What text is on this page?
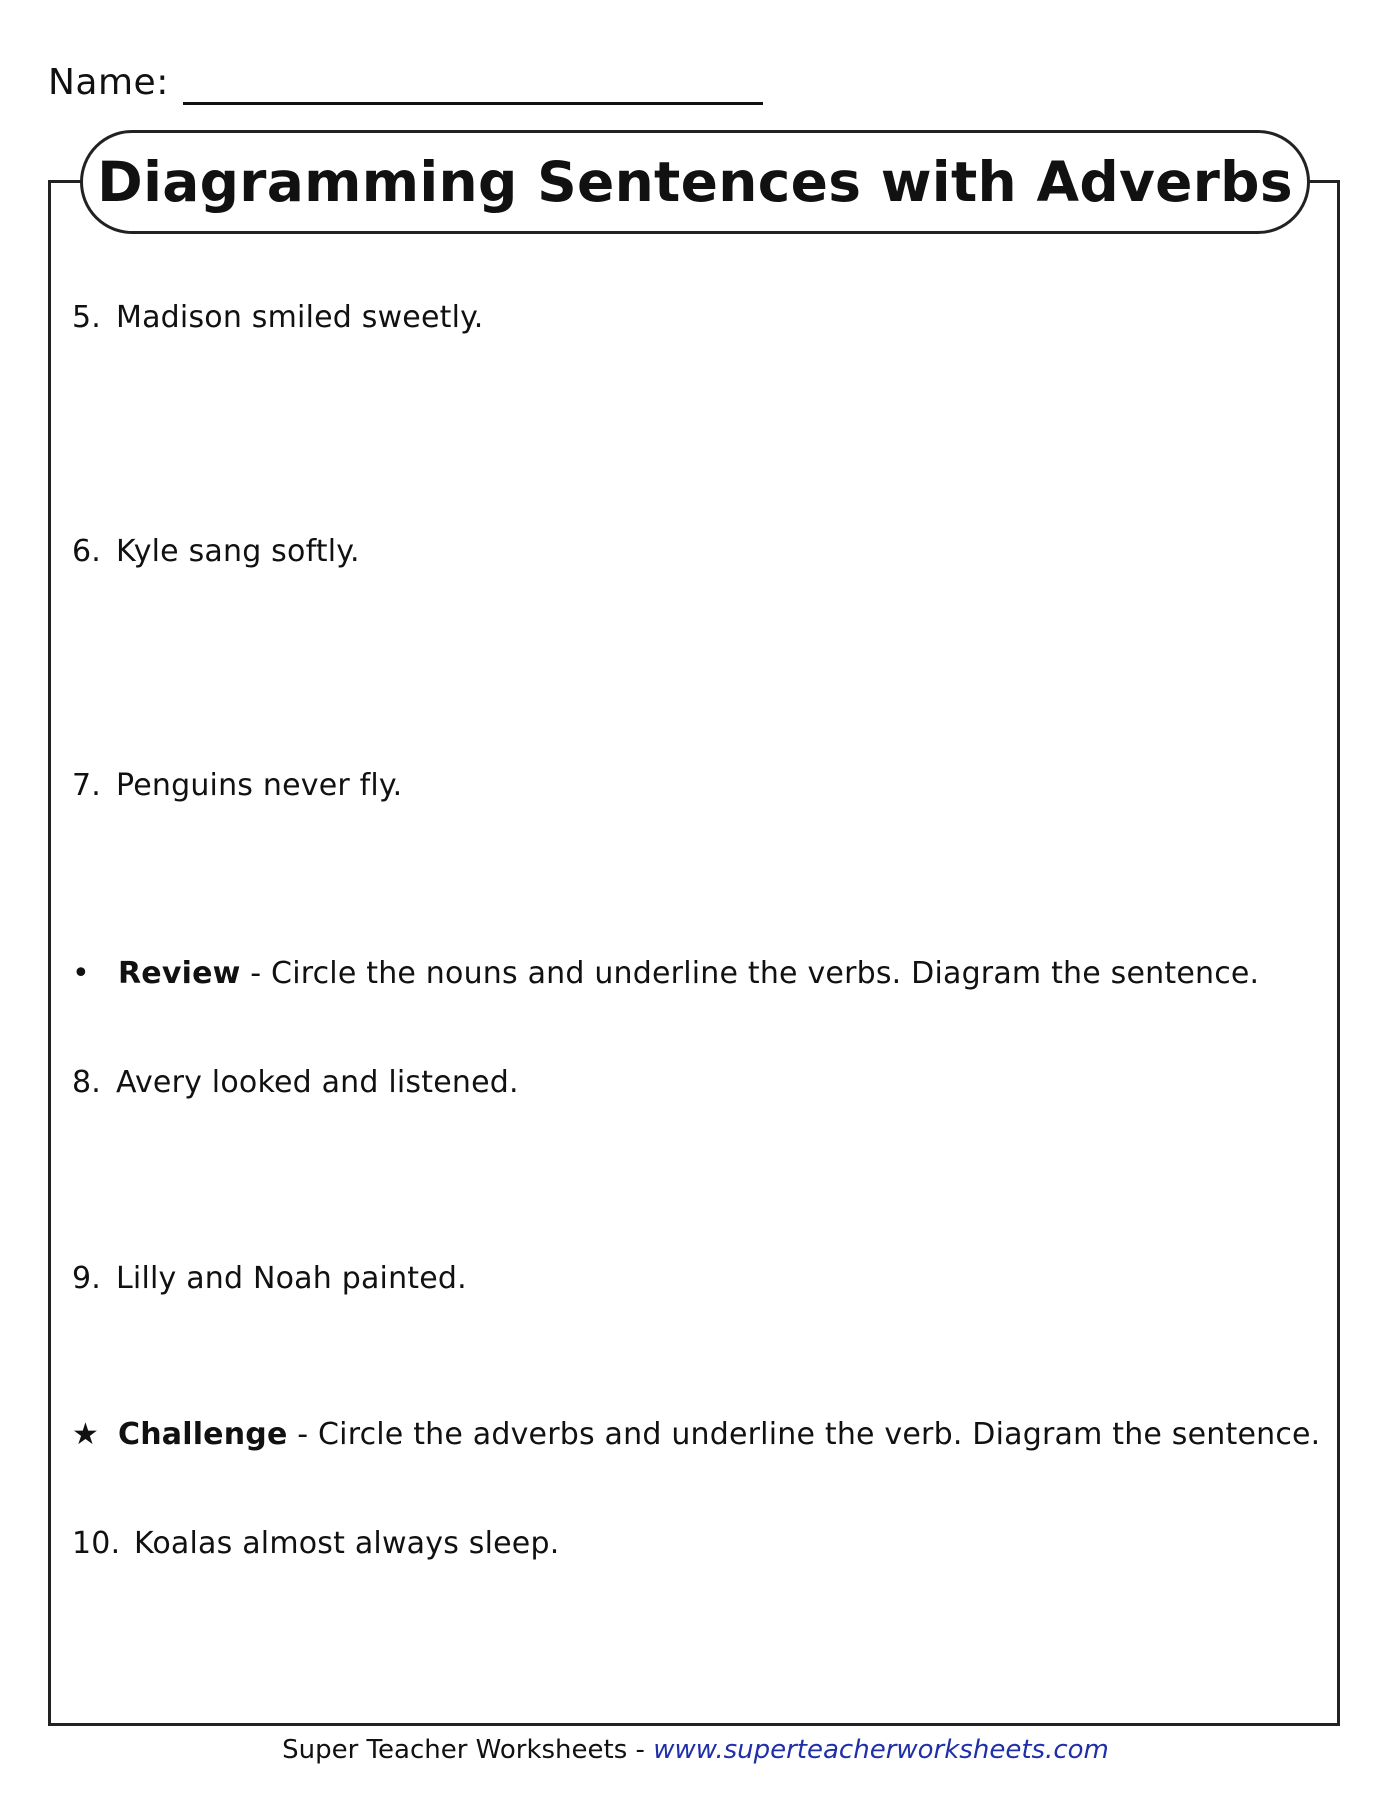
Name:
Diagramming Sentences with Adverbs
5. Madison smiled sweetly.
6. Kyle sang softly.
7. Penguins never fly.
• Review - Circle the nouns and underline the verbs. Diagram the sentence.
8. Avery looked and listened.
9. Lilly and Noah painted.
★ Challenge - Circle the adverbs and underline the verb. Diagram the sentence.
10. Koalas almost always sleep.
Super Teacher Worksheets - www.superteacherworksheets.com
